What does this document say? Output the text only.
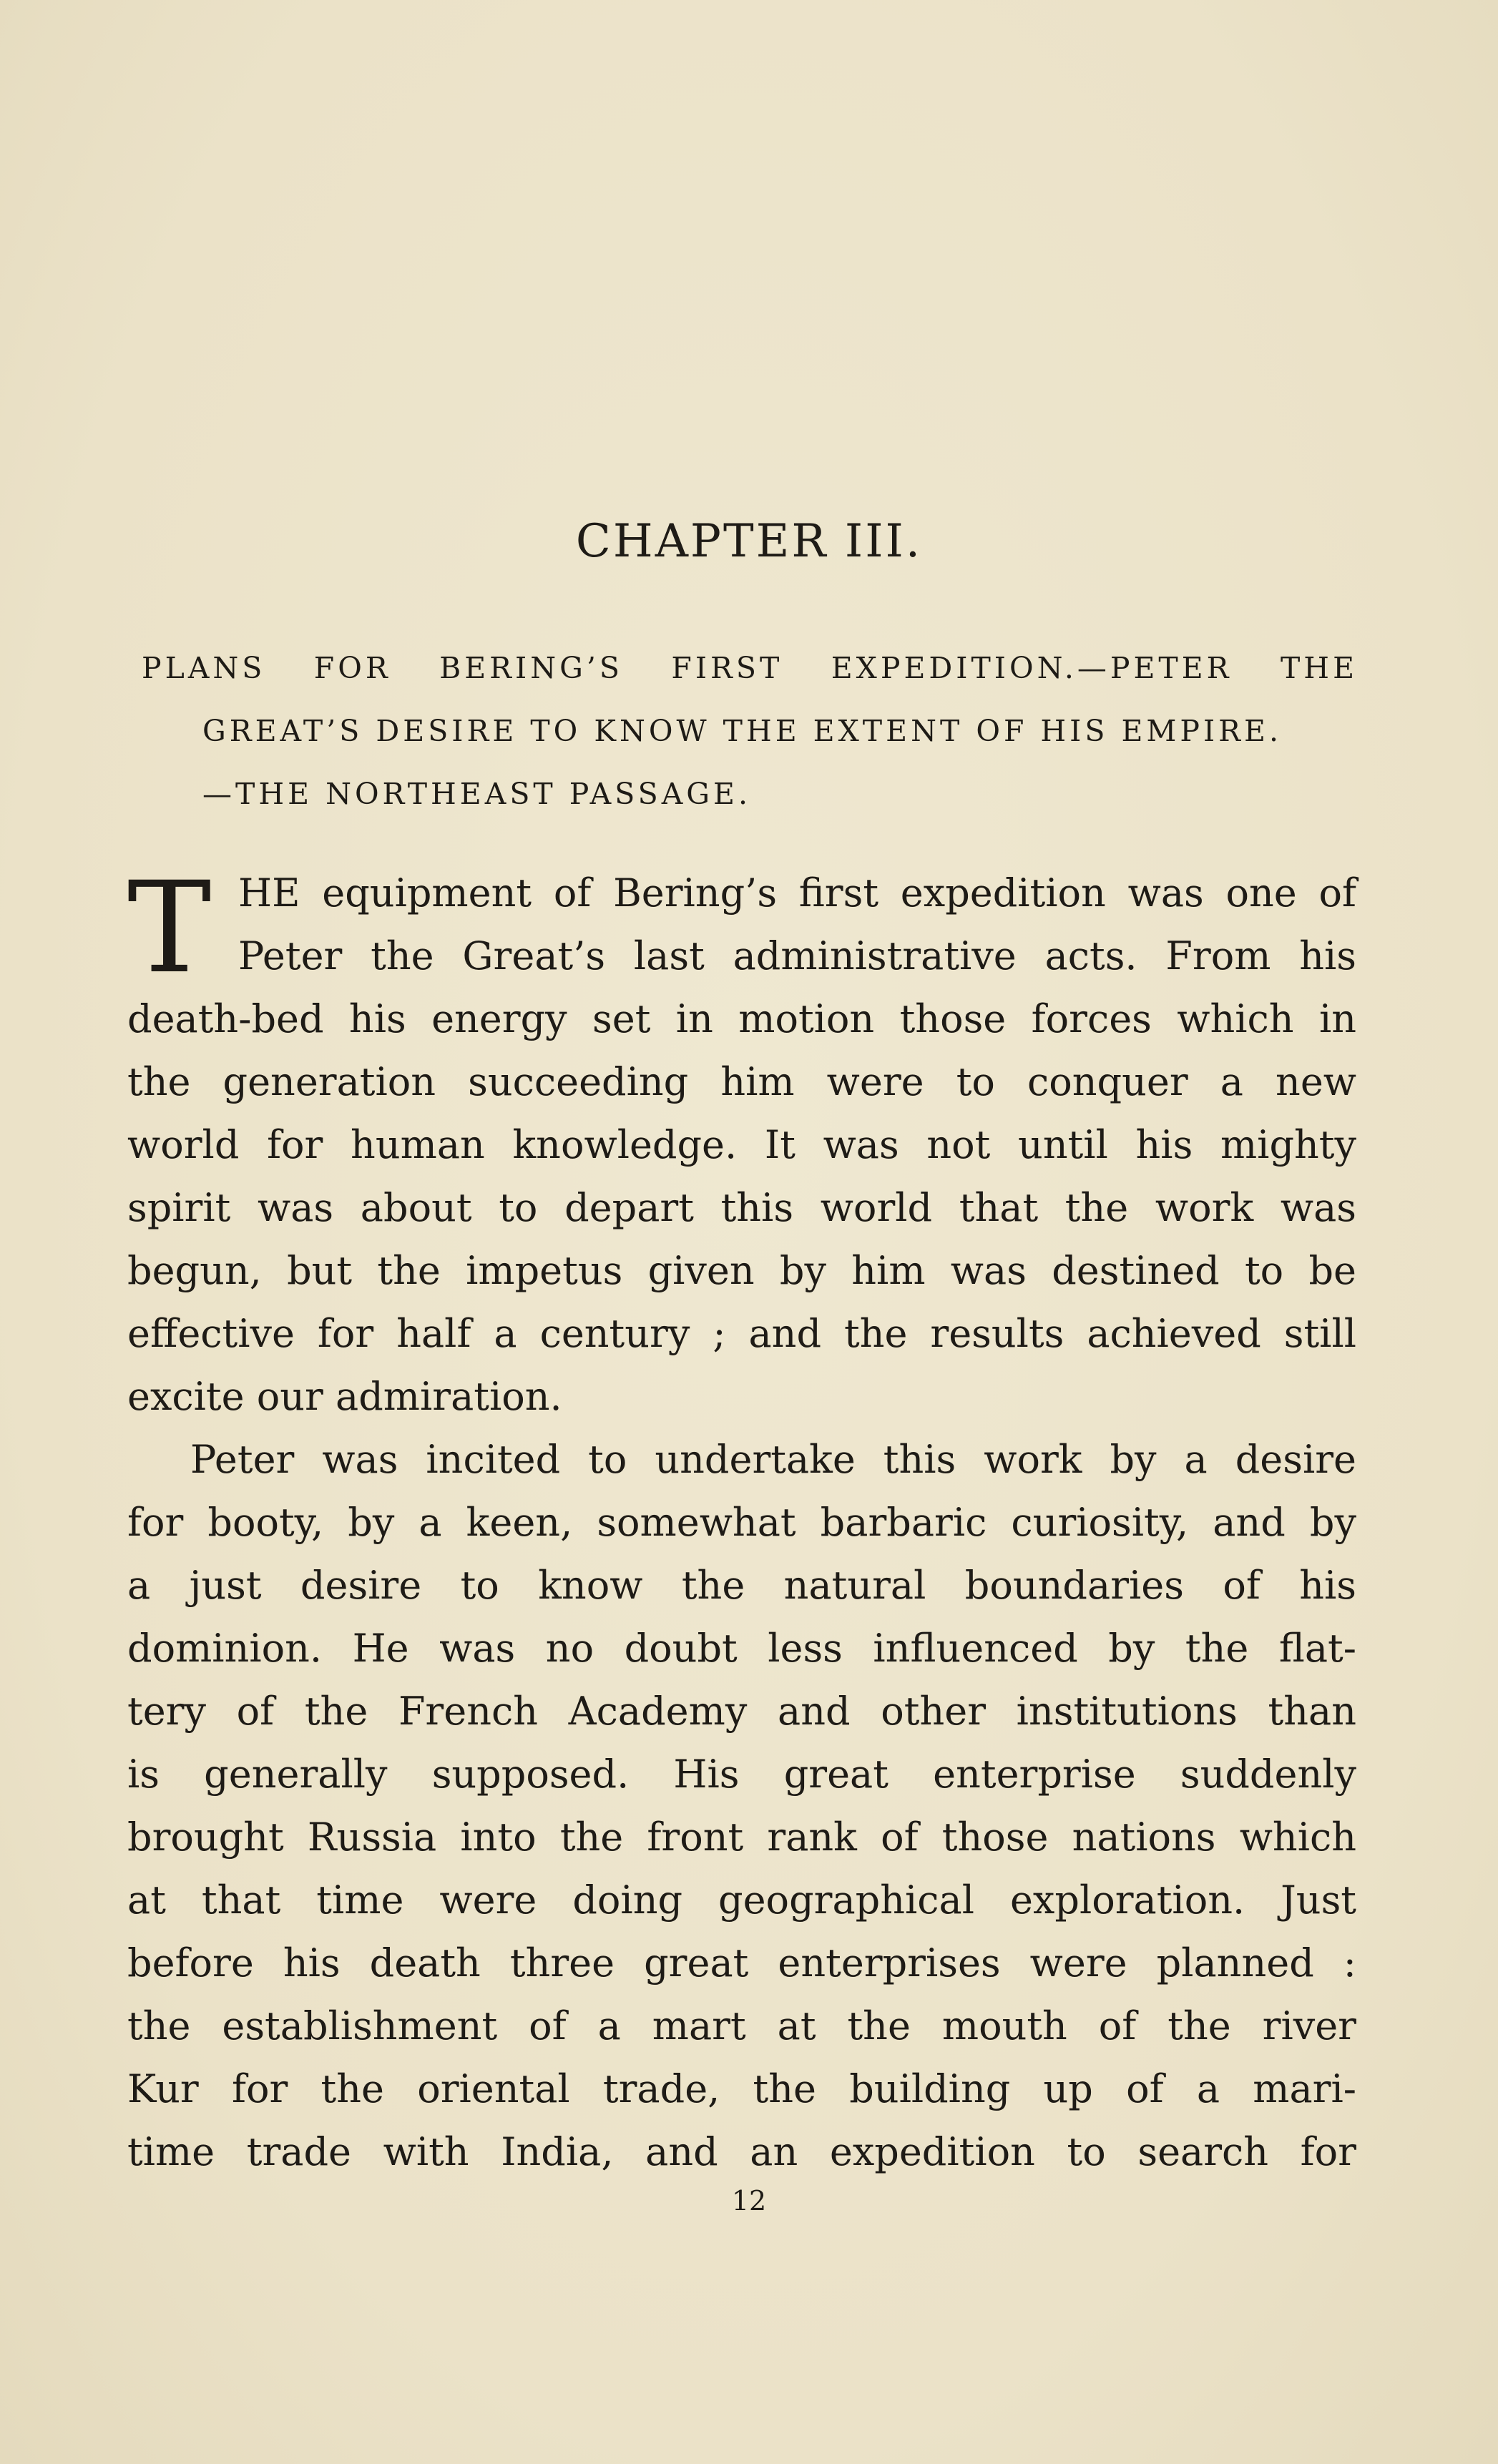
CHAPTER III.
PLANS FOR BERING’S FIRST EXPEDITION.—PETER THE
GREAT’S DESIRE TO KNOW THE EXTENT OF HIS EMPIRE.
—THE NORTHEAST PASSAGE.
T HE equipment of Bering’s first expedition was one of
Peter the Great’s last administrative acts. From his
death-bed his energy set in motion those forces which in
the generation succeeding him were to conquer a new
world for human knowledge. It was not until his mighty
spirit was about to depart this world that the work was
begun, but the impetus given by him was destined to be
effective for half a century ; and the results achieved still
excite our admiration.
Peter was incited to undertake this work by a desire
for booty, by a keen, somewhat barbaric curiosity, and by
a just desire to know the natural boundaries of his
dominion. He was no doubt less influenced by the flat-
tery of the French Academy and other institutions than
is generally supposed. His great enterprise suddenly
brought Russia into the front rank of those nations which
at that time were doing geographical exploration. Just
before his death three great enterprises were planned :
the establishment of a mart at the mouth of the river
Kur for the oriental trade, the building up of a mari-
time trade with India, and an expedition to search for
12
